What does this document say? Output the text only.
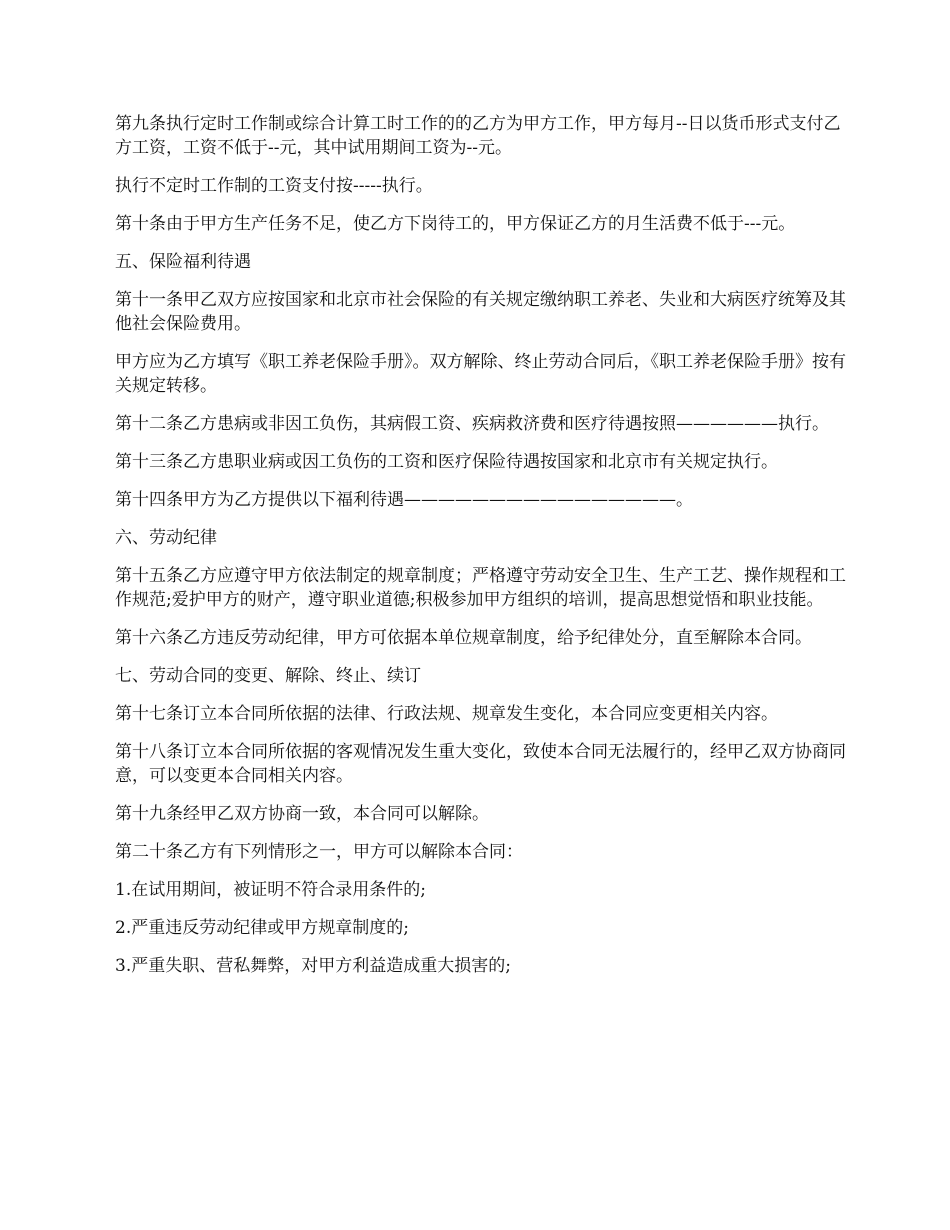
第九条执行定时工作制或综合计算工时工作的的乙方为甲方工作，甲方每月--日以货币形式支付乙方工资，工资不低于--元，其中试用期间工资为--元。

执行不定时工作制的工资支付按-----执行。

第十条由于甲方生产任务不足，使乙方下岗待工的，甲方保证乙方的月生活费不低于---元。

五、保险福利待遇

第十一条甲乙双方应按国家和北京市社会保险的有关规定缴纳职工养老、失业和大病医疗统筹及其他社会保险费用。

甲方应为乙方填写《职工养老保险手册》。双方解除、终止劳动合同后，《职工养老保险手册》按有关规定转移。

第十二条乙方患病或非因工负伤，其病假工资、疾病救济费和医疗待遇按照——————执行。

第十三条乙方患职业病或因工负伤的工资和医疗保险待遇按国家和北京市有关规定执行。

第十四条甲方为乙方提供以下福利待遇————————————————。

六、劳动纪律

第十五条乙方应遵守甲方依法制定的规章制度；严格遵守劳动安全卫生、生产工艺、操作规程和工作规范;爱护甲方的财产，遵守职业道德;积极参加甲方组织的培训，提高思想觉悟和职业技能。

第十六条乙方违反劳动纪律，甲方可依据本单位规章制度，给予纪律处分，直至解除本合同。

七、劳动合同的变更、解除、终止、续订

第十七条订立本合同所依据的法律、行政法规、规章发生变化，本合同应变更相关内容。

第十八条订立本合同所依据的客观情况发生重大变化，致使本合同无法履行的，经甲乙双方协商同意，可以变更本合同相关内容。

第十九条经甲乙双方协商一致，本合同可以解除。

第二十条乙方有下列情形之一，甲方可以解除本合同：

1.在试用期间，被证明不符合录用条件的;

2.严重违反劳动纪律或甲方规章制度的;

3.严重失职、营私舞弊，对甲方利益造成重大损害的;
